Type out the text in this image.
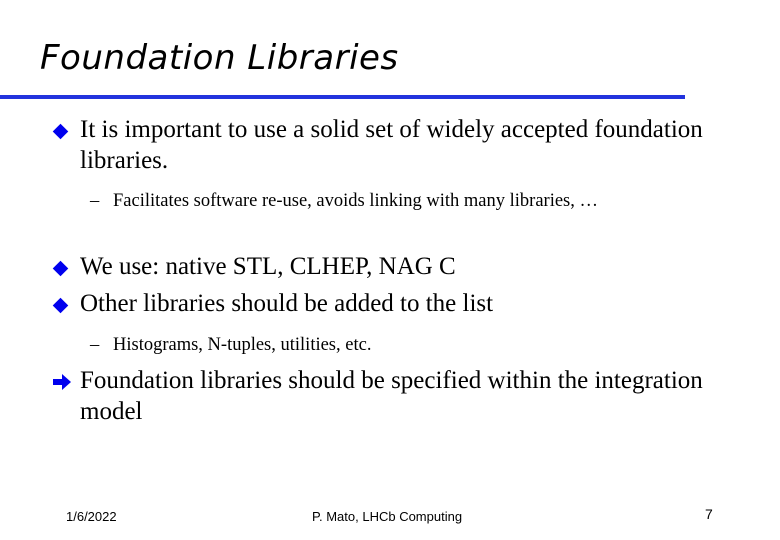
Foundation Libraries
It is important to use a solid set of widely accepted foundation libraries.
– Facilitates software re-use, avoids linking with many libraries, …
We use: native STL, CLHEP, NAG C
Other libraries should be added to the list
– Histograms, N-tuples, utilities, etc.
Foundation libraries should be specified within the integration model
1/6/2022	P. Mato, LHCb Computing	7
